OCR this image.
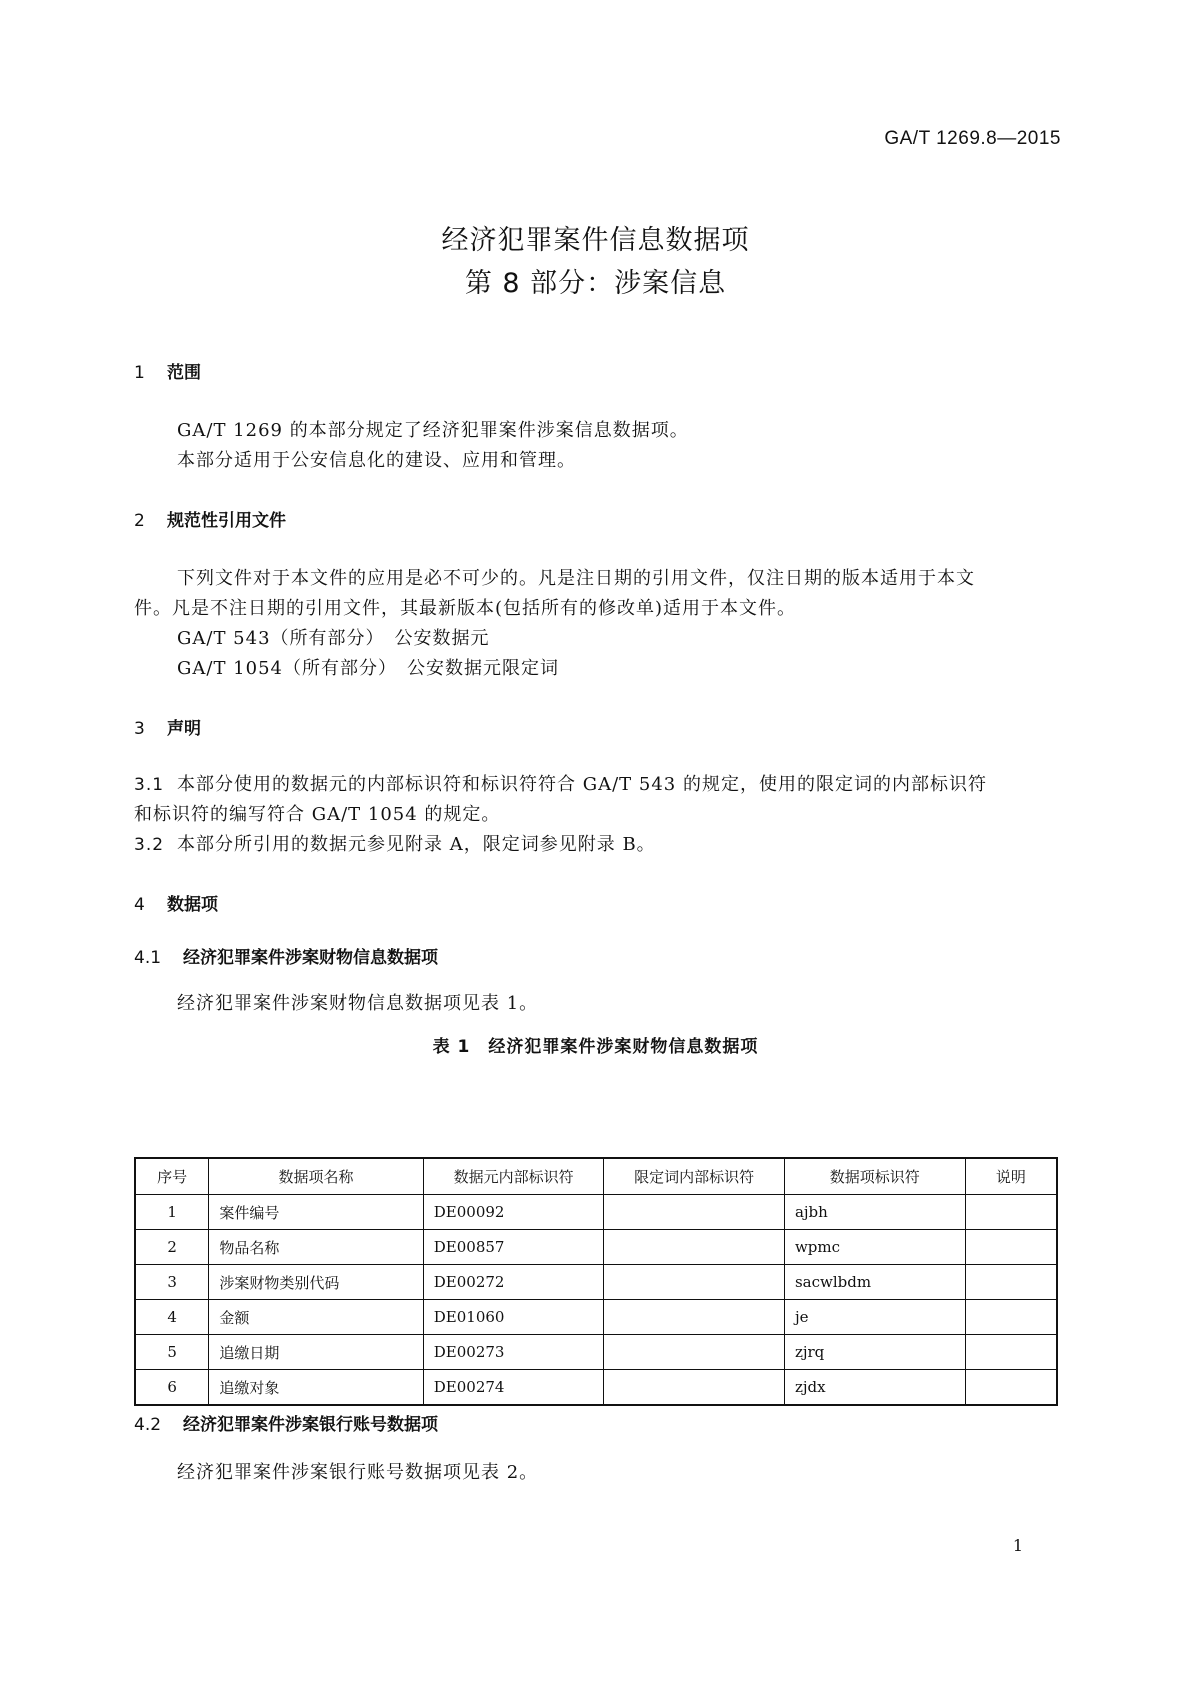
GA/T 1269.8—2015
经济犯罪案件信息数据项
第 8 部分：涉案信息
1 范围
GA/T 1269 的本部分规定了经济犯罪案件涉案信息数据项。
本部分适用于公安信息化的建设、应用和管理。
2 规范性引用文件
下列文件对于本文件的应用是必不可少的。凡是注日期的引用文件，仅注日期的版本适用于本文
件。凡是不注日期的引用文件，其最新版本(包括所有的修改单)适用于本文件。
GA/T 543（所有部分）　公安数据元
GA/T 1054（所有部分）　公安数据元限定词
3 声明
3.1 本部分使用的数据元的内部标识符和标识符符合 GA/T 543 的规定，使用的限定词的内部标识符
和标识符的编写符合 GA/T 1054 的规定。
3.2 本部分所引用的数据元参见附录 A，限定词参见附录 B。
4 数据项
4.1 经济犯罪案件涉案财物信息数据项
经济犯罪案件涉案财物信息数据项见表 1。
表 1　经济犯罪案件涉案财物信息数据项
序号	数据项名称	数据元内部标识符	限定词内部标识符	数据项标识符	说明
1	案件编号	DE00092		ajbh	
2	物品名称	DE00857		wpmc	
3	涉案财物类别代码	DE00272		sacwlbdm	
4	金额	DE01060		je	
5	追缴日期	DE00273		zjrq	
6	追缴对象	DE00274		zjdx	
4.2 经济犯罪案件涉案银行账号数据项
经济犯罪案件涉案银行账号数据项见表 2。
1
